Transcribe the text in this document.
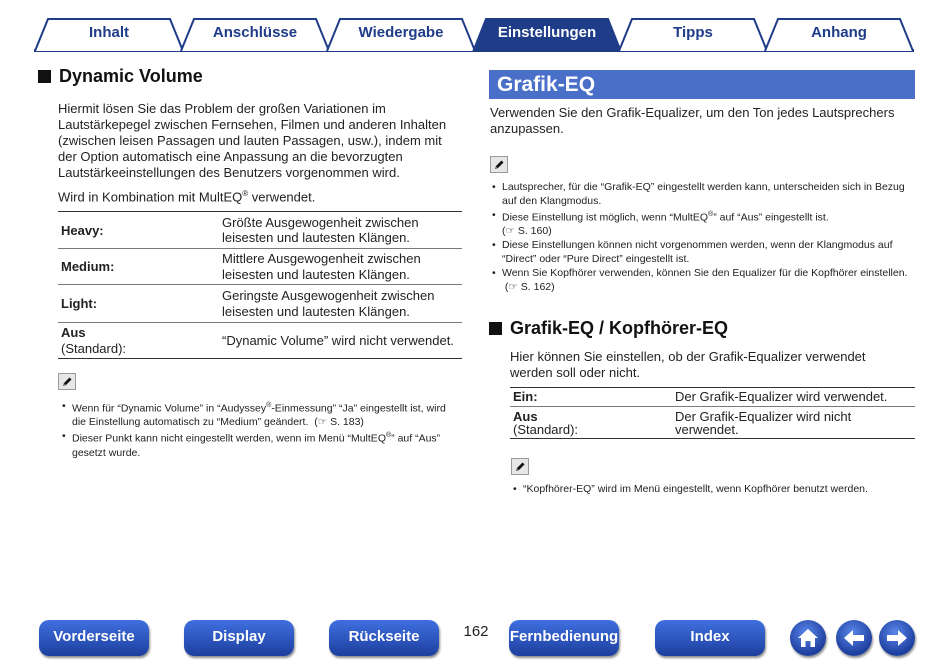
Inhalt	Anschlüsse	Wiedergabe	Einstellungen	Tipps	Anhang
Dynamic Volume

Hiermit lösen Sie das Problem der großen Variationen im Lautstärkepegel zwischen Fernsehen, Filmen und anderen Inhalten (zwischen leisen Passagen und lauten Passagen, usw.), indem mit der Option automatisch eine Anpassung an die bevorzugten Lautstärkeeinstellungen des Benutzers vorgenommen wird.

Wird in Kombination mit MultEQ® verwendet.

Heavy:	Größte Ausgewogenheit zwischen leisesten und lautesten Klängen.
Medium:	Mittlere Ausgewogenheit zwischen leisesten und lautesten Klängen.
Light:	Geringste Ausgewogenheit zwischen leisesten und lautesten Klängen.

Aus
(Standard):	“Dynamic Volume” wird nicht verwendet.
• Wenn für “Dynamic Volume” in “Audyssey®-Einmessung” “Ja” eingestellt ist, wird die Einstellung automatisch zu “Medium” geändert.  (☞ S. 183)
• Dieser Punkt kann nicht eingestellt werden, wenn im Menü “MultEQ®” auf “Aus” gesetzt wurde.
Grafik-EQ

Verwenden Sie den Grafik-Equalizer, um den Ton jedes Lautsprechers anzupassen.

• Lautsprecher, für die “Grafik-EQ” eingestellt werden kann, unterscheiden sich in Bezug auf den Klangmodus.
• Diese Einstellung ist möglich, wenn “MultEQ®” auf “Aus” eingestellt ist.
(☞ S. 160)
• Diese Einstellungen können nicht vorgenommen werden, wenn der Klangmodus auf “Direct” oder “Pure Direct” eingestellt ist.
• Wenn Sie Kopfhörer verwenden, können Sie den Equalizer für die Kopfhörer einstellen.  (☞ S. 162)
Grafik-EQ / Kopfhörer-EQ

Hier können Sie einstellen, ob der Grafik-Equalizer verwendet werden soll oder nicht.

Ein:	Der Grafik-Equalizer wird verwendet.

Aus
(Standard):	Der Grafik-Equalizer wird nicht verwendet.
• “Kopfhörer-EQ” wird im Menü eingestellt, wenn Kopfhörer benutzt werden.
Vorderseite	Display	Rückseite	162	Fernbedienung	Index
